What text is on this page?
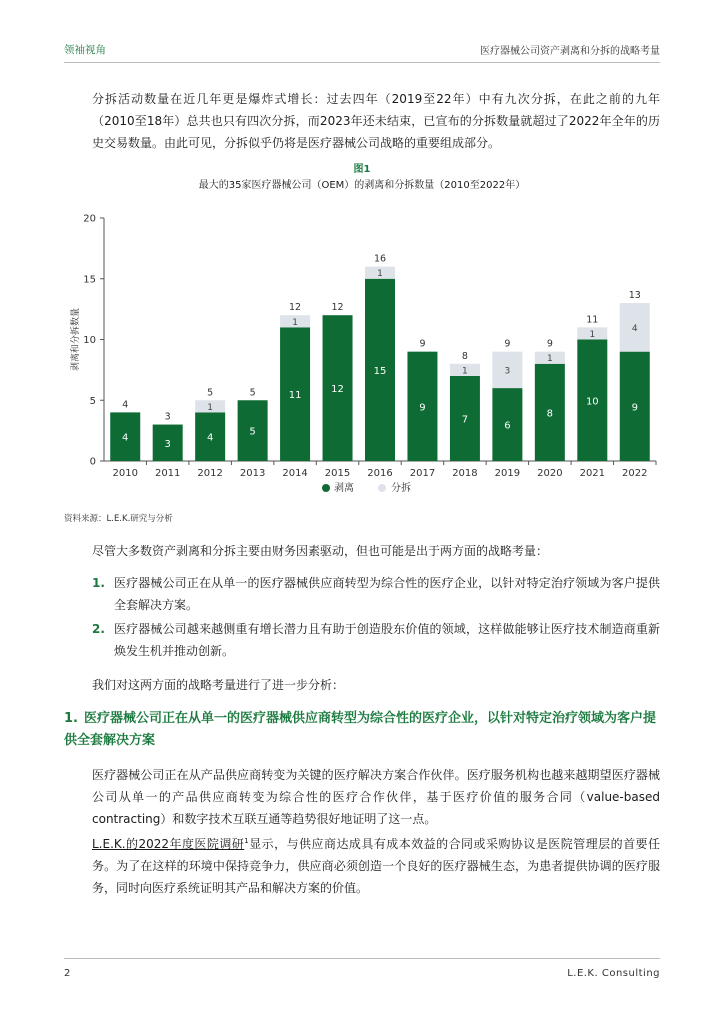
领袖视角	医疗器械公司资产剥离和分拆的战略考量

分拆活动数量在近几年更是爆炸式增长：过去四年（2019至22年）中有九次分拆，在此之前的九年（2010至18年）总共也只有四次分拆，而2023年还未结束，已宣布的分拆数量就超过了2022年全年的历史交易数量。由此可见，分拆似乎仍将是医疗器械公司战略的重要组成部分。

图1
最大的35家医疗器械公司（OEM）的剥离和分拆数量（2010至2022年）
0
5
10
15
20
剥离和分拆数量
2010
4
4
2011
3
3
2012
4
1
5
2013
5
5
2014
11
1
12
2015
12
12
2016
15
1
16
2017
9
9
2018
7
1
8
2019
6
3
9
2020
8
1
9
2021
10
1
11
2022
9
4
13
剥离	分拆
资料来源：L.E.K.研究与分析

尽管大多数资产剥离和分拆主要由财务因素驱动，但也可能是出于两方面的战略考量：

1. 医疗器械公司正在从单一的医疗器械供应商转型为综合性的医疗企业，以针对特定治疗领域为客户提供全套解决方案。
2. 医疗器械公司越来越侧重有增长潜力且有助于创造股东价值的领域，这样做能够让医疗技术制造商重新焕发生机并推动创新。

我们对这两方面的战略考量进行了进一步分析：

1. 医疗器械公司正在从单一的医疗器械供应商转型为综合性的医疗企业，以针对特定治疗领域为客户提供全套解决方案

医疗器械公司正在从产品供应商转变为关键的医疗解决方案合作伙伴。医疗服务机构也越来越期望医疗器械公司从单一的产品供应商转变为综合性的医疗合作伙伴，基于医疗价值的服务合同（value-based contracting）和数字技术互联互通等趋势很好地证明了这一点。

L.E.K.的2022年度医院调研$^1$显示，与供应商达成具有成本效益的合同或采购协议是医院管理层的首要任务。为了在这样的环境中保持竞争力，供应商必须创造一个良好的医疗器械生态，为患者提供协调的医疗服务，同时向医疗系统证明其产品和解决方案的价值。

2	L.E.K. Consulting
